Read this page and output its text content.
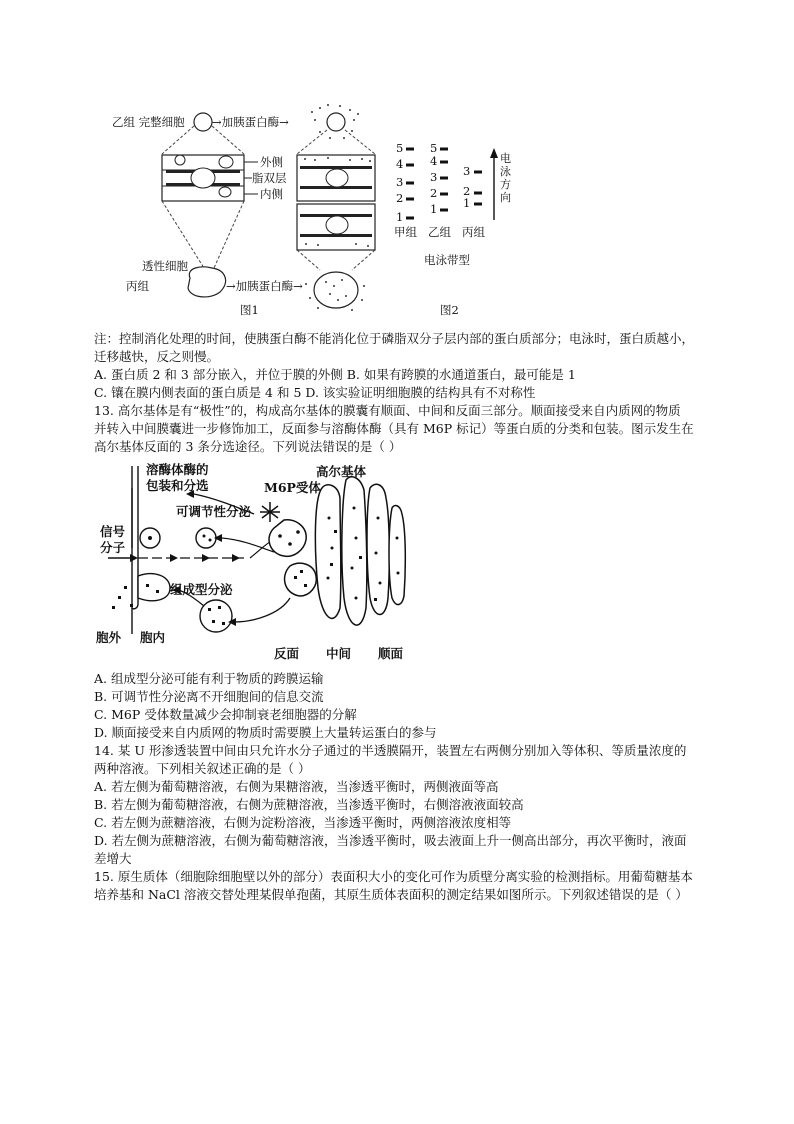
乙组 完整细胞 →加胰蛋白酶→
外侧
脂双层
内侧
透性细胞
丙组	→加胰蛋白酶→
图1
5
4
3
2
1
5
4
3
2
1
3
2
1
电泳方向
甲组 乙组 丙组
电泳带型
图2
注：控制消化处理的时间，使胰蛋白酶不能消化位于磷脂双分子层内部的蛋白质部分；电泳时，蛋白质越小，
迁移越快，反之则慢。
A. 蛋白质 2 和 3 部分嵌入，并位于膜的外侧 B. 如果有跨膜的水通道蛋白，最可能是 1
C. 镶在膜内侧表面的蛋白质是 4 和 5 D. 该实验证明细胞膜的结构具有不对称性
13. 高尔基体是有“极性”的，构成高尔基体的膜囊有顺面、中间和反面三部分。顺面接受来自内质网的物质
并转入中间膜囊进一步修饰加工，反面参与溶酶体酶（具有 M6P 标记）等蛋白质的分类和包装。图示发生在
高尔基体反面的 3 条分选途径。下列说法错误的是（ ）
溶酶体酶的
包装和分选	M6P受体
高尔基体
可调节性分泌
信号
分子
组成型分泌
胞外 胞内
反面 中间 顺面
A. 组成型分泌可能有利于物质的跨膜运输
B. 可调节性分泌离不开细胞间的信息交流
C. M6P 受体数量减少会抑制衰老细胞器的分解
D. 顺面接受来自内质网的物质时需要膜上大量转运蛋白的参与
14. 某 U 形渗透装置中间由只允许水分子通过的半透膜隔开，装置左右两侧分别加入等体积、等质量浓度的
两种溶液。下列相关叙述正确的是（ ）
A. 若左侧为葡萄糖溶液，右侧为果糖溶液，当渗透平衡时，两侧液面等高
B. 若左侧为葡萄糖溶液，右侧为蔗糖溶液，当渗透平衡时，右侧溶液液面较高
C. 若左侧为蔗糖溶液，右侧为淀粉溶液，当渗透平衡时，两侧溶液浓度相等
D. 若左侧为蔗糖溶液，右侧为葡萄糖溶液，当渗透平衡时，吸去液面上升一侧高出部分，再次平衡时，液面
差增大
15. 原生质体（细胞除细胞壁以外的部分）表面积大小的变化可作为质壁分离实验的检测指标。用葡萄糖基本
培养基和 NaCl 溶液交替处理某假单孢菌，其原生质体表面积的测定结果如图所示。下列叙述错误的是（ ）
